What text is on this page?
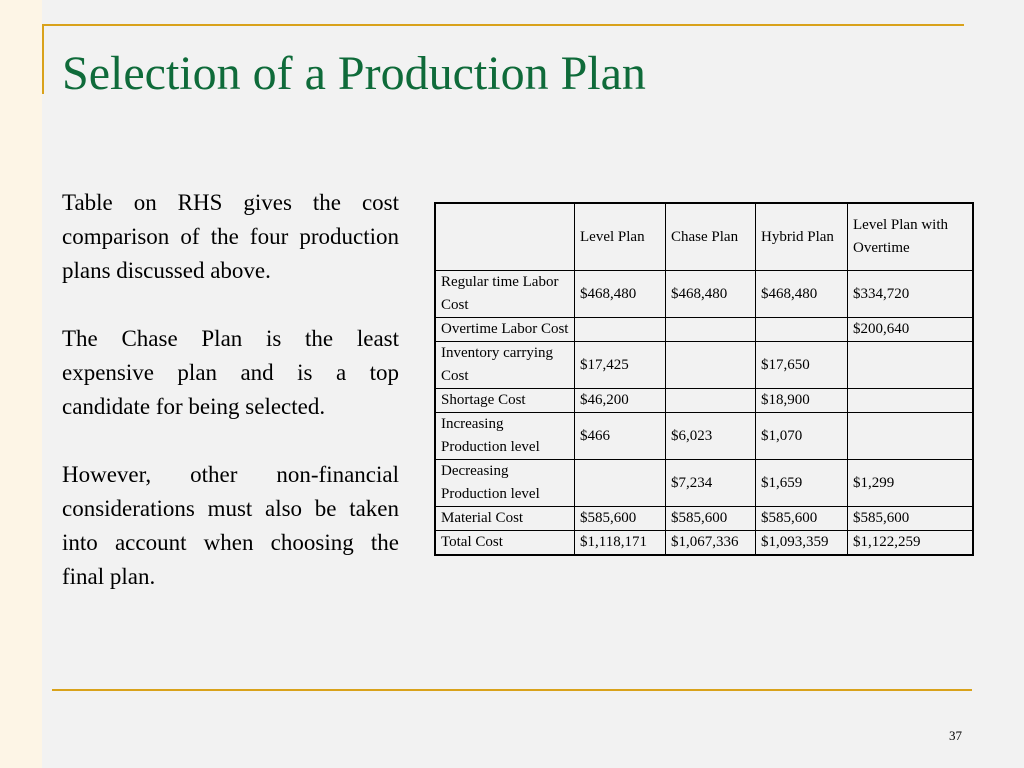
Selection of a Production Plan

Table on RHS gives the cost comparison of the four production plans discussed above.

The Chase Plan is the least expensive plan and is a top candidate for being selected.

However, other non-financial considerations must also be taken into account when choosing the final plan.

	Level Plan	Chase Plan	Hybrid Plan	Level Plan with Overtime
Regular time Labor Cost	$468,480	$468,480	$468,480	$334,720
Overtime Labor Cost				$200,640
Inventory carrying Cost	$17,425		$17,650	
Shortage Cost	$46,200		$18,900	
Increasing Production level	$466	$6,023	$1,070	
Decreasing Production level		$7,234	$1,659	$1,299
Material Cost	$585,600	$585,600	$585,600	$585,600
Total Cost	$1,118,171	$1,067,336	$1,093,359	$1,122,259
37
